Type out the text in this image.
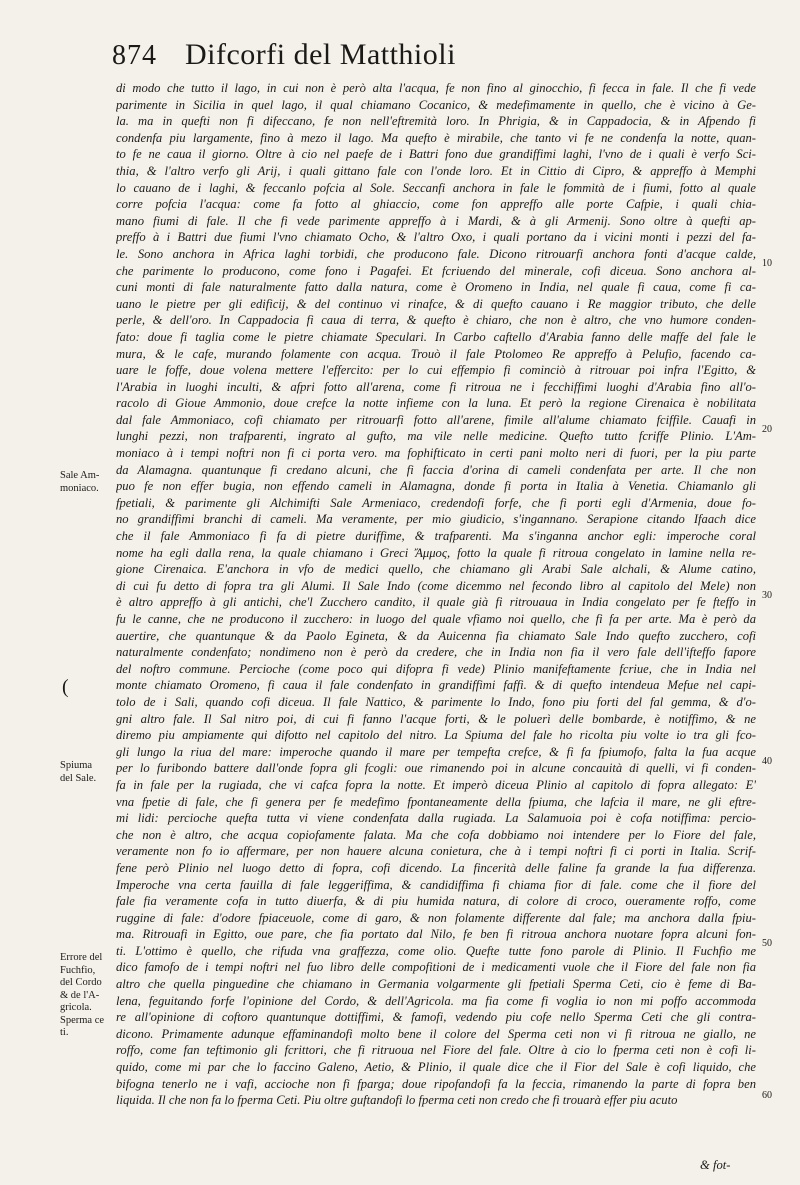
874 Difcorfi del Matthioli
di modo che tutto il lago, in cui non è però alta l'acqua, fe non fino al ginocchio, fi fecca in fale. Il che fi vede
parimente in Sicilia in quel lago, il qual chiamano Cocanico, & medefimamente in quello, che è vicino à Ge-
la. ma in quefti non fi difeccano, fe non nell'eftremità loro. In Phrigia, & in Cappadocia, & in Afpendo fi
condenfa piu largamente, fino à mezo il lago. Ma quefto è mirabile, che tanto vi fe ne condenfa la notte, quan-
to fe ne caua il giorno. Oltre à cio nel paefe de i Battri fono due grandiffimi laghi, l'vno de i quali è verfo Sci-
thia, & l'altro verfo gli Arij, i quali gittano fale con l'onde loro. Et in Cittio di Cipro, & appreffo à Memphi
lo cauano de i laghi, & feccanlo pofcia al Sole. Seccanfi anchora in fale le fommità de i fiumi, fotto al quale
corre pofcia l'acqua: come fa fotto al ghiaccio, come fon appreffo alle porte Cafpie, i quali chia-
mano fiumi di fale. Il che fi vede parimente appreffo à i Mardi, & à gli Armenij. Sono oltre à quefti ap-
preffo à i Battri due fiumi l'vno chiamato Ocho, & l'altro Oxo, i quali portano da i vicini monti i pezzi del fa-
le. Sono anchora in Africa laghi torbidi, che producono fale. Dicono ritrouarfi anchora fonti d'acque calde,
che parimente lo producono, come fono i Pagafei. Et fcriuendo del minerale, cofi diceua. Sono anchora al-
cuni monti di fale naturalmente fatto dalla natura, come è Oromeno in India, nel quale fi caua, come fi ca-
uano le pietre per gli edificij, & del continuo vi rinafce, & di quefto cauano i Re maggior tributo, che delle
perle, & dell'oro. In Cappadocia fi caua di terra, & quefto è chiaro, che non è altro, che vno humore conden-
fato: doue fi taglia come le pietre chiamate Speculari. In Carbo caftello d'Arabia fanno delle maffe del fale le
mura, & le cafe, murando folamente con acqua. Trouò il fale Ptolomeo Re appreffo à Pelufio, facendo ca-
uare le foffe, doue volena mettere l'effercito: per lo cui effempio fi cominciò à ritrouar poi infra l'Egitto, &
l'Arabia in luoghi inculti, & afpri fotto all'arena, come fi ritroua ne i fecchiffimi luoghi d'Arabia fino all'o-
racolo di Gioue Ammonio, doue crefce la notte infieme con la luna. Et però la regione Cirenaica è nobilitata
dal fale Ammoniaco, cofi chiamato per ritrouarfi fotto all'arene, fimile all'alume chiamato fciffile. Cauafi in
lunghi pezzi, non trafparenti, ingrato al gufto, ma vile nelle medicine. Quefto tutto fcriffe Plinio. L'Am-
moniaco à i tempi noftri non fi ci porta vero. ma fophifticato in certi pani molto neri di fuori, per la piu parte
da Alamagna. quantunque fi credano alcuni, che fi faccia d'orina di cameli condenfata per arte. Il che non
puo fe non effer bugia, non effendo cameli in Alamagna, donde fi porta in Italia à Venetia. Chiamanlo gli
fpetiali, & parimente gli Alchimifti Sale Armeniaco, credendofi forfe, che fi porti egli d'Armenia, doue fo-
no grandiffimi branchi di cameli. Ma veramente, per mio giudicio, s'ingannano. Serapione citando Ifaach dice
che il fale Ammoniaco fi fa di pietre duriffime, & trafparenti. Ma s'inganna anchor egli: imperoche coral
nome ha egli dalla rena, la quale chiamano i Greci Ἄμμος, fotto la quale fi ritroua congelato in lamine nella re-
gione Cirenaica. E'anchora in vfo de medici quello, che chiamano gli Arabi Sale alchali, & Alume catino,
di cui fu detto di fopra tra gli Alumi. Il Sale Indo (come dicemmo nel fecondo libro al capitolo del Mele) non
è altro appreffo à gli antichi, che'l Zucchero candito, il quale già fi ritrouaua in India congelato per fe fteffo in
fu le canne, che ne producono il zucchero: in luogo del quale vfiamo noi quello, che fi fa per arte. Ma è però da
auertire, che quantunque & da Paolo Egineta, & da Auicenna fia chiamato Sale Indo quefto zucchero, cofi
naturalmente condenfato; nondimeno non è però da credere, che in India non fia il vero fale dell'ifteffo fapore
del noftro commune. Percioche (come poco qui difopra fi vede) Plinio manifeftamente fcriue, che in India nel
monte chiamato Oromeno, fi caua il fale condenfato in grandiffimi faffi. & di quefto intendeua Mefue nel capi-
tolo de i Sali, quando cofi diceua. Il fale Nattico, & parimente lo Indo, fono piu forti del fal gemma, & d'o-
gni altro fale. Il Sal nitro poi, di cui fi fanno l'acque forti, & le poluerì delle bombarde, è notiffimo, & ne
diremo piu ampiamente qui difotto nel capitolo del nitro. La Spiuma del fale ho ricolta piu volte io tra gli fco-
gli lungo la riua del mare: imperoche quando il mare per tempefta crefce, & fi fa fpiumofo, falta la fua acque
per lo furibondo battere dall'onde fopra gli fcogli: oue rimanendo poi in alcune concauità di quelli, vi fi conden-
fa in fale per la rugiada, che vi cafca fopra la notte. Et imperò diceua Plinio al capitolo di fopra allegato: E'
vna fpetie di fale, che fi genera per fe medefimo fpontaneamente della fpiuma, che lafcia il mare, ne gli eftre-
mi lidi: percioche quefta tutta vi viene condenfata dalla rugiada. La Salamuoia poi è cofa notiffima: percio-
che non è altro, che acqua copiofamente falata. Ma che cofa dobbiamo noi intendere per lo Fiore del fale,
veramente non fo io affermare, per non hauere alcuna conietura, che à i tempi noftri fi ci porti in Italia. Scrif-
fene però Plinio nel luogo detto di fopra, cofi dicendo. La fincerità delle faline fa grande la fua differenza.
Imperoche vna certa fauilla di fale leggeriffima, & candidiffima fi chiama fior di fale. come che il fiore del
fale fia veramente cofa in tutto diuerfa, & di piu humida natura, di colore di croco, oueramente roffo, come
ruggine di fale: d'odore fpiaceuole, come di garo, & non folamente differente dal fale; ma anchora dalla fpiu-
ma. Ritrouafi in Egitto, oue pare, che fia portato dal Nilo, fe ben fi ritroua anchora nuotare fopra alcuni fon-
ti. L'ottimo è quello, che rifuda vna graffezza, come olio. Quefte tutte fono parole di Plinio. Il Fuchfio me
dico famofo de i tempi noftri nel fuo libro delle compofitioni de i medicamenti vuole che il Fiore del fale non fia
altro che quella pinguedine che chiamano in Germania volgarmente gli fpetiali Sperma Ceti, cio è feme di Ba-
lena, feguitando forfe l'opinione del Cordo, & dell'Agricola. ma fia come fi voglia io non mi poffo accommoda
re all'opinione di coftoro quantunque dottiffimi, & famofi, vedendo piu cofe nello Sperma Ceti che gli contra-
dicono. Primamente adunque effaminandofi molto bene il colore del Sperma ceti non vi fi ritroua ne giallo, ne
roffo, come fan teftimonio gli fcrittori, che fi ritruoua nel Fiore del fale. Oltre à cio lo fperma ceti non è cofi li-
quido, come mi par che lo faccino Galeno, Aetio, & Plinio, il quale dice che il Fior del Sale è cofi liquido, che
bifogna tenerlo ne i vafi, accioche non fi fparga; doue ripofandofi fa la feccia, rimanendo la parte di fopra ben
liquida. Il che non fa lo fperma Ceti. Piu oltre guftandofi lo fperma ceti non credo che fi trouarà effer piu acuto
Sale Am-
moniaco.
(
Spiuma
del Sale.
Errore del
Fuchfio,
del Cordo
& de l'A-
gricola.
Sperma ce
ti.
10
20
30
40
50
60
& fot-
